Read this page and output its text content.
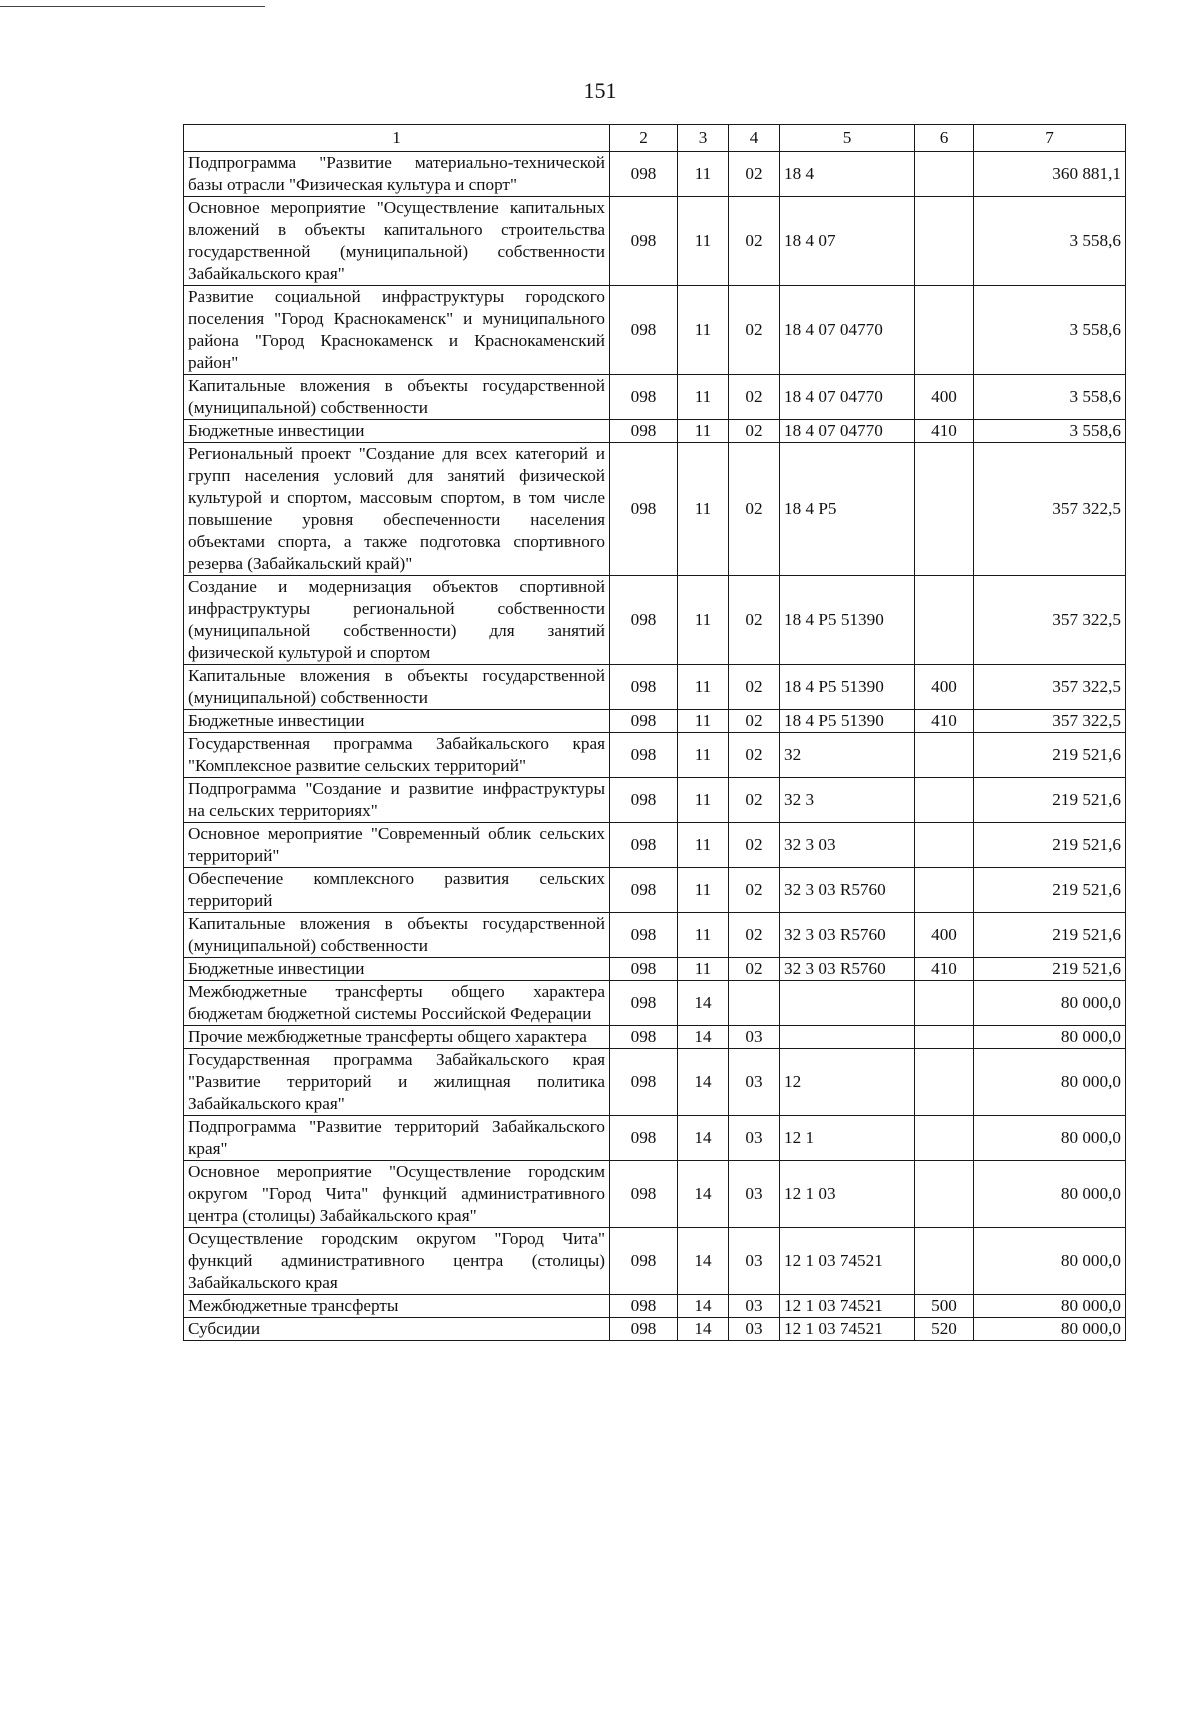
151
1	2	3	4	5	6	7
Подпрограмма "Развитие материально-технической базы отрасли "Физическая культура и спорт"	098	11	02	18 4		360 881,1
Основное мероприятие "Осуществление капитальных вложений в объекты капитального строительства государственной (муниципальной) собственности Забайкальского края"	098	11	02	18 4 07		3 558,6
Развитие социальной инфраструктуры городского поселения "Город Краснокаменск" и муниципального района "Город Краснокаменск и Краснокаменский район"	098	11	02	18 4 07 04770		3 558,6
Капитальные вложения в объекты государственной (муниципальной) собственности	098	11	02	18 4 07 04770	400	3 558,6
Бюджетные инвестиции	098	11	02	18 4 07 04770	410	3 558,6
Региональный проект "Создание для всех категорий и групп населения условий для занятий физической культурой и спортом, массовым спортом, в том числе повышение уровня обеспеченности населения объектами спорта, а также подготовка спортивного резерва (Забайкальский край)"	098	11	02	18 4 P5		357 322,5
Создание и модернизация объектов спортивной инфраструктуры региональной собственности (муниципальной собственности) для занятий физической культурой и спортом	098	11	02	18 4 P5 51390		357 322,5
Капитальные вложения в объекты государственной (муниципальной) собственности	098	11	02	18 4 P5 51390	400	357 322,5
Бюджетные инвестиции	098	11	02	18 4 P5 51390	410	357 322,5
Государственная программа Забайкальского края "Комплексное развитие сельских территорий"	098	11	02	32		219 521,6
Подпрограмма "Создание и развитие инфраструктуры на сельских территориях"	098	11	02	32 3		219 521,6
Основное мероприятие "Современный облик сельских территорий"	098	11	02	32 3 03		219 521,6
Обеспечение комплексного развития сельских территорий	098	11	02	32 3 03 R5760		219 521,6
Капитальные вложения в объекты государственной (муниципальной) собственности	098	11	02	32 3 03 R5760	400	219 521,6
Бюджетные инвестиции	098	11	02	32 3 03 R5760	410	219 521,6
Межбюджетные трансферты общего характера бюджетам бюджетной системы Российской Федерации	098	14				80 000,0
Прочие межбюджетные трансферты общего характера	098	14	03			80 000,0
Государственная программа Забайкальского края "Развитие территорий и жилищная политика Забайкальского края"	098	14	03	12		80 000,0
Подпрограмма "Развитие территорий Забайкальского края"	098	14	03	12 1		80 000,0
Основное мероприятие "Осуществление городским округом "Город Чита" функций административного центра (столицы) Забайкальского края"	098	14	03	12 1 03		80 000,0
Осуществление городским округом "Город Чита" функций административного центра (столицы) Забайкальского края	098	14	03	12 1 03 74521		80 000,0
Межбюджетные трансферты	098	14	03	12 1 03 74521	500	80 000,0
Субсидии	098	14	03	12 1 03 74521	520	80 000,0
